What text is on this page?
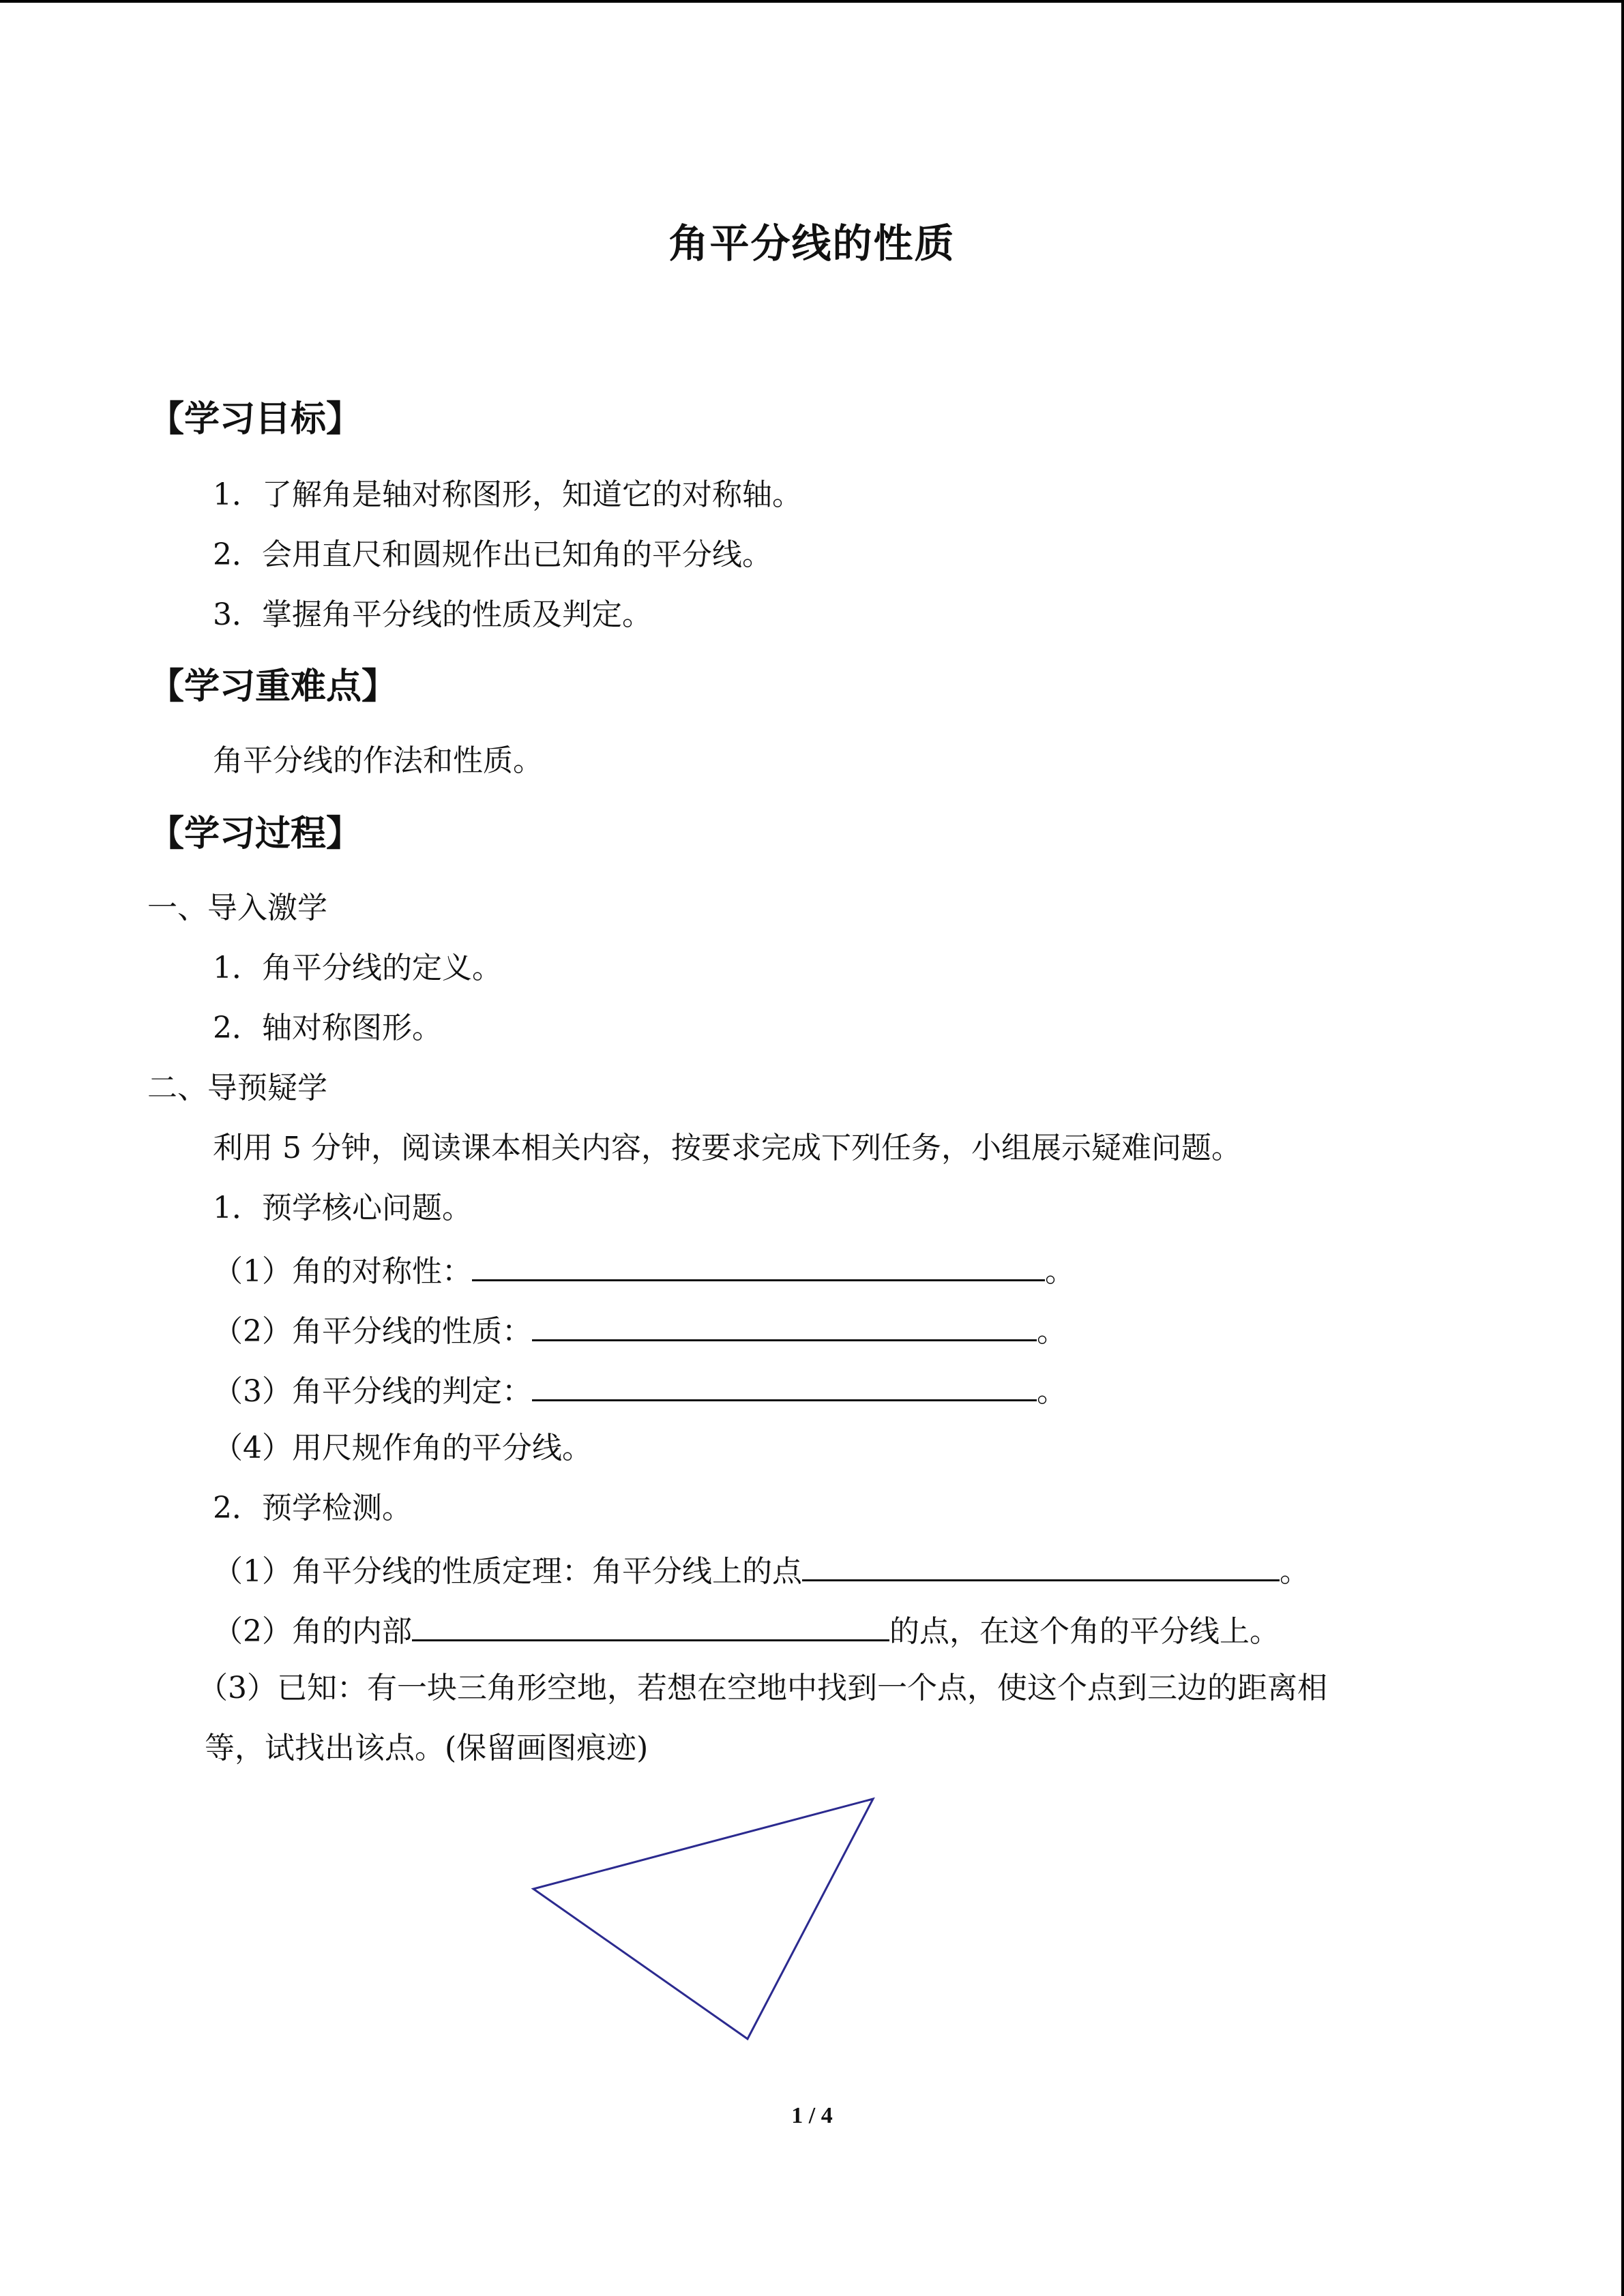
角平分线的性质
【学习目标】
1．了解角是轴对称图形，知道它的对称轴。
2．会用直尺和圆规作出已知角的平分线。
3．掌握角平分线的性质及判定。
【学习重难点】
角平分线的作法和性质。
【学习过程】
一、导入激学
1．角平分线的定义。
2．轴对称图形。
二、导预疑学
利用 5 分钟，阅读课本相关内容，按要求完成下列任务，小组展示疑难问题。
1．预学核心问题。
（1）角的对称性：	。
（2）角平分线的性质：	。
（3）角平分线的判定：	。
（4）用尺规作角的平分线。
2．预学检测。
（1）角平分线的性质定理：角平分线上的点	。
（2）角的内部	的点，在这个角的平分线上。
（3）已知：有一块三角形空地，若想在空地中找到一个点，使这个点到三边的距离相
等，试找出该点。(保留画图痕迹)
1 / 4
